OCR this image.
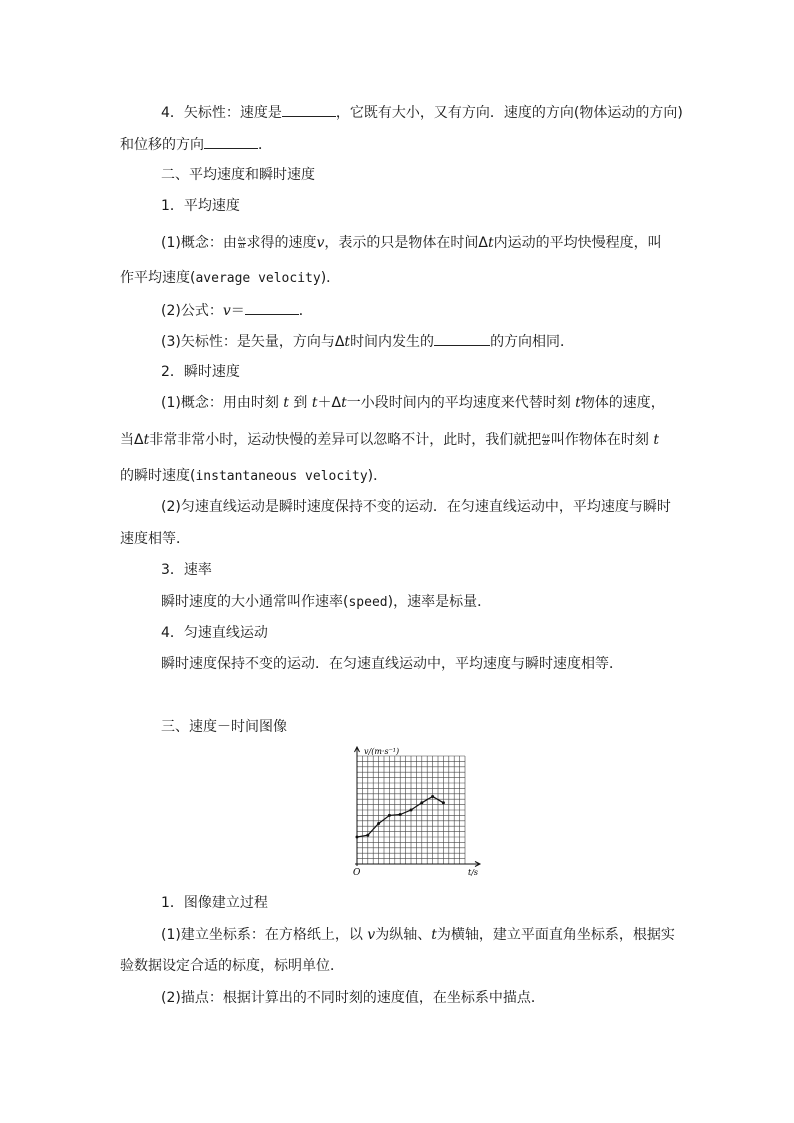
4．矢标性：速度是	，它既有大小，又有方向．速度的方向(物体运动的方向)
和位移的方向	．
二、平均速度和瞬时速度
1．平均速度
(1)概念：由 $\frac{\Delta x}{\Delta t}$ 求得的速度v，表示的只是物体在时间Δt内运动的平均快慢程度，叫
作平均速度(average velocity)．
(2)公式：v＝	．
(3)矢标性：是矢量，方向与Δt时间内发生的	的方向相同．
2．瞬时速度
(1)概念：用由时刻 t 到 t＋Δt一小段时间内的平均速度来代替时刻 t物体的速度，
当Δt非常非常小时，运动快慢的差异可以忽略不计，此时，我们就把 $\frac{\Delta x}{\Delta t}$ 叫作物体在时刻 t
的瞬时速度(instantaneous velocity)．
(2)匀速直线运动是瞬时速度保持不变的运动．在匀速直线运动中，平均速度与瞬时
速度相等．
3．速率
瞬时速度的大小通常叫作速率(speed)，速率是标量．
4．匀速直线运动
瞬时速度保持不变的运动．在匀速直线运动中，平均速度与瞬时速度相等．
三、速度－时间图像
v/(m·s⁻¹)
t/s
O
1．图像建立过程
(1)建立坐标系：在方格纸上，以 v为纵轴、t为横轴，建立平面直角坐标系，根据实
验数据设定合适的标度，标明单位．
(2)描点：根据计算出的不同时刻的速度值，在坐标系中描点．
